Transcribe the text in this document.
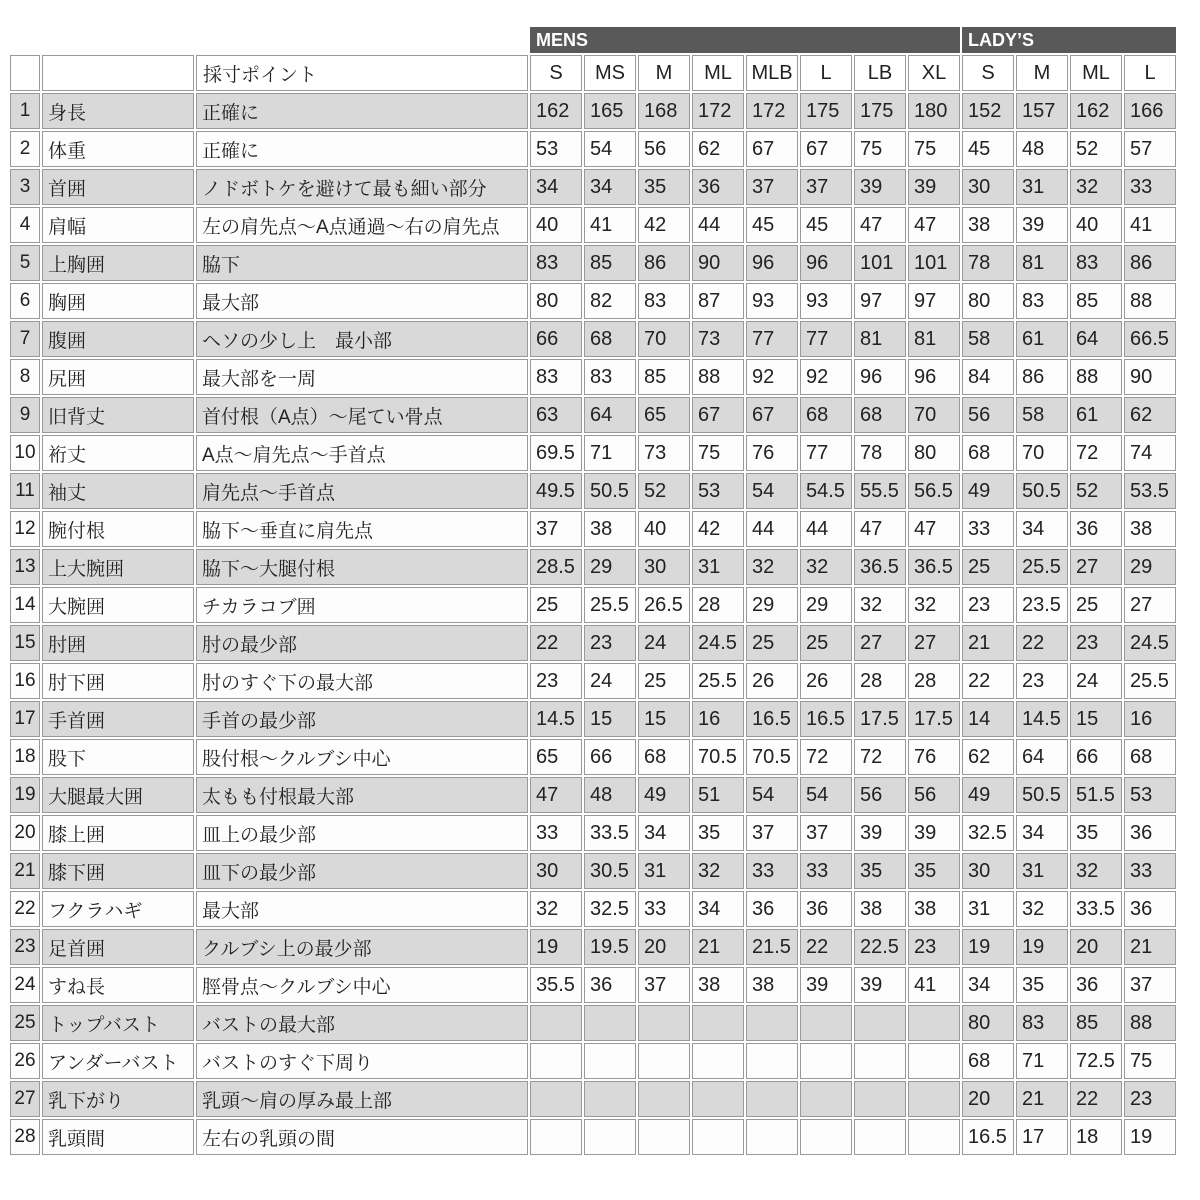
			MENS								LADY’S			
		採寸ポイント	S	MS	M	ML	MLB	L	LB	XL	S	M	ML	L
1	身長	正確に	162	165	168	172	172	175	175	180	152	157	162	166
2	体重	正確に	53	54	56	62	67	67	75	75	45	48	52	57
3	首囲	ノドボトケを避けて最も細い部分	34	34	35	36	37	37	39	39	30	31	32	33
4	肩幅	左の肩先点〜A点通過〜右の肩先点	40	41	42	44	45	45	47	47	38	39	40	41
5	上胸囲	脇下	83	85	86	90	96	96	101	101	78	81	83	86
6	胸囲	最大部	80	82	83	87	93	93	97	97	80	83	85	88
7	腹囲	ヘソの少し上　最小部	66	68	70	73	77	77	81	81	58	61	64	66.5
8	尻囲	最大部を一周	83	83	85	88	92	92	96	96	84	86	88	90
9	旧背丈	首付根（A点）〜尾てい骨点	63	64	65	67	67	68	68	70	56	58	61	62
10	裄丈	A点〜肩先点〜手首点	69.5	71	73	75	76	77	78	80	68	70	72	74
11	袖丈	肩先点〜手首点	49.5	50.5	52	53	54	54.5	55.5	56.5	49	50.5	52	53.5
12	腕付根	脇下〜垂直に肩先点	37	38	40	42	44	44	47	47	33	34	36	38
13	上大腕囲	脇下〜大腿付根	28.5	29	30	31	32	32	36.5	36.5	25	25.5	27	29
14	大腕囲	チカラコブ囲	25	25.5	26.5	28	29	29	32	32	23	23.5	25	27
15	肘囲	肘の最少部	22	23	24	24.5	25	25	27	27	21	22	23	24.5
16	肘下囲	肘のすぐ下の最大部	23	24	25	25.5	26	26	28	28	22	23	24	25.5
17	手首囲	手首の最少部	14.5	15	15	16	16.5	16.5	17.5	17.5	14	14.5	15	16
18	股下	股付根〜クルブシ中心	65	66	68	70.5	70.5	72	72	76	62	64	66	68
19	大腿最大囲	太もも付根最大部	47	48	49	51	54	54	56	56	49	50.5	51.5	53
20	膝上囲	皿上の最少部	33	33.5	34	35	37	37	39	39	32.5	34	35	36
21	膝下囲	皿下の最少部	30	30.5	31	32	33	33	35	35	30	31	32	33
22	フクラハギ	最大部	32	32.5	33	34	36	36	38	38	31	32	33.5	36
23	足首囲	クルブシ上の最少部	19	19.5	20	21	21.5	22	22.5	23	19	19	20	21
24	すね長	脛骨点〜クルブシ中心	35.5	36	37	38	38	39	39	41	34	35	36	37
25	トップバスト	バストの最大部									80	83	85	88
26	アンダーバスト	バストのすぐ下周り									68	71	72.5	75
27	乳下がり	乳頭〜肩の厚み最上部									20	21	22	23
28	乳頭間	左右の乳頭の間									16.5	17	18	19
